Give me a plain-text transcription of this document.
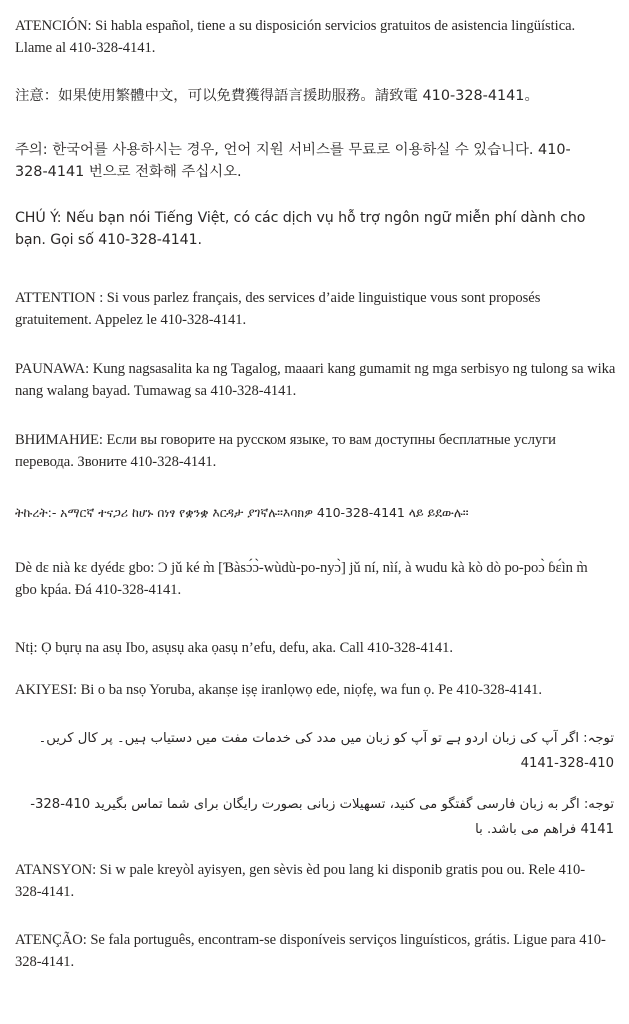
ATENCIÓN: Si habla español, tiene a su disposición servicios gratuitos de asistencia lingüística. Llame al 410-328-4141.

注意：如果使用繁體中文，可以免費獲得語言援助服務。請致電 410-328-4141。

주의: 한국어를 사용하시는 경우, 언어 지원 서비스를 무료로 이용하실 수 있습니다. 410-328-4141 번으로 전화해 주십시오.

CHÚ Ý: Nếu bạn nói Tiếng Việt, có các dịch vụ hỗ trợ ngôn ngữ miễn phí dành cho bạn. Gọi số 410-328-4141.

ATTENTION : Si vous parlez français, des services d’aide linguistique vous sont proposés gratuitement. Appelez le 410-328-4141.

PAUNAWA: Kung nagsasalita ka ng Tagalog, maaari kang gumamit ng mga serbisyo ng tulong sa wika nang walang bayad. Tumawag sa 410-328-4141.

ВНИМАНИЕ: Если вы говорите на русском языке, то вам доступны бесплатные услуги перевода. Звоните 410-328-4141.

ትኩረት:- አማርኛ ተናጋሪ ከሆኑ በነፃ የቋንቋ እርዳታ ያገኛሉ።እባክዎ 410-328-4141 ላይ ይደውሉ።

Dè dɛ nià kɛ dyédɛ gbo: Ɔ jǔ ké m̀ [Ɓàsɔ́ɔ̀-wùdù-po-nyɔ̀] jǔ ní, nìí, à wudu kà kò dò po-poɔ̀ ɓɛ́ìn m̀ gbo kpáa. Ɖá 410-328-4141.

Ntị: Ọ bụrụ na asụ Ibo, asụsụ aka ọasụ n’efu, defu, aka. Call 410-328-4141.

AKIYESI: Bi o ba nsọ Yoruba, akanṣe iṣẹ iranlọwọ ede, niọfẹ, wa fun ọ. Pe 410-328-4141.

توجہ: اگر آپ کی زبان اردو ہے تو آپ کو زبان میں مدد کی خدمات مفت میں دستیاب ہیں۔ پر کال کریں۔ 410-328-4141

توجه: اگر به زبان فارسی گفتگو می کنید، تسهیلات زبانی بصورت رایگان برای شما تماس بگیرید 410-328-4141 فراهم می باشد. با

ATANSYON: Si w pale kreyòl ayisyen, gen sèvis èd pou lang ki disponib gratis pou ou. Rele 410-328-4141.

ATENÇÃO: Se fala português, encontram-se disponíveis serviços linguísticos, grátis. Ligue para 410-328-4141.
